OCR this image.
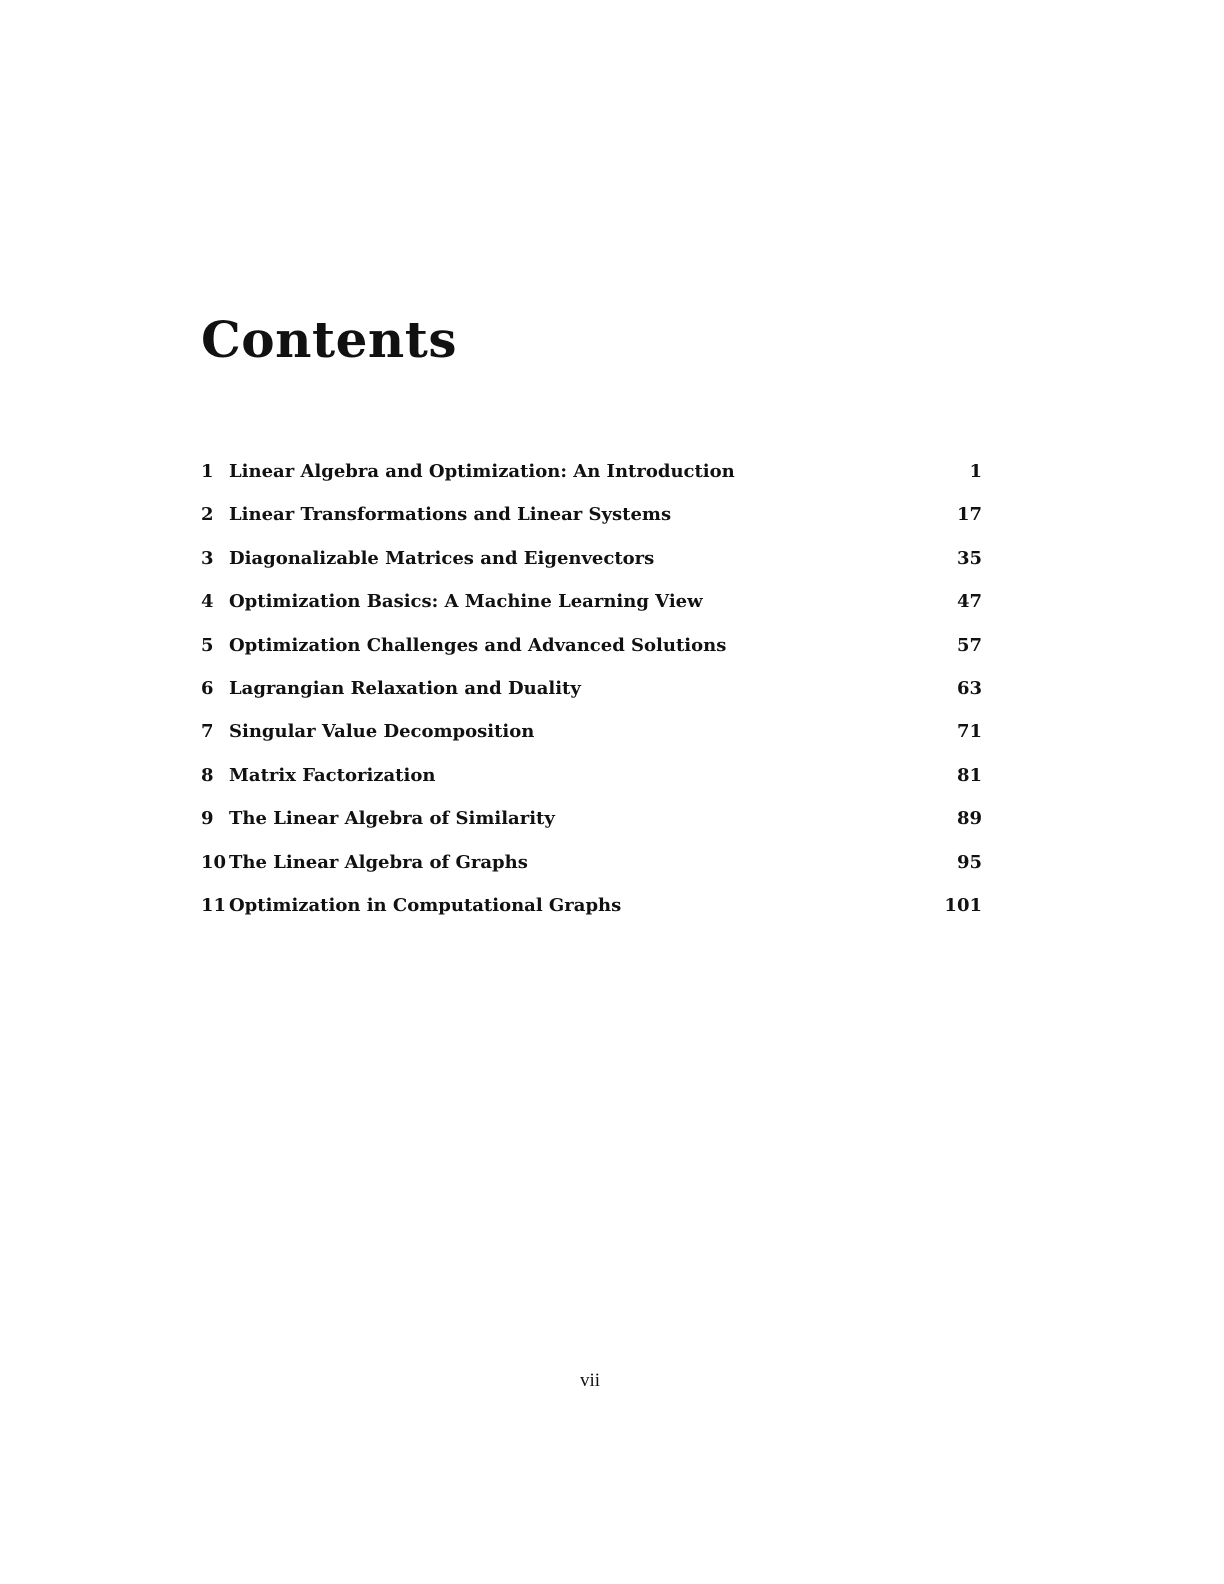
Contents
1 Linear Algebra and Optimization: An Introduction	1
2 Linear Transformations and Linear Systems	17
3 Diagonalizable Matrices and Eigenvectors	35
4 Optimization Basics: A Machine Learning View	47
5 Optimization Challenges and Advanced Solutions	57
6 Lagrangian Relaxation and Duality	63
7 Singular Value Decomposition	71
8 Matrix Factorization	81
9 The Linear Algebra of Similarity	89
10 The Linear Algebra of Graphs	95
11 Optimization in Computational Graphs	101
vii
